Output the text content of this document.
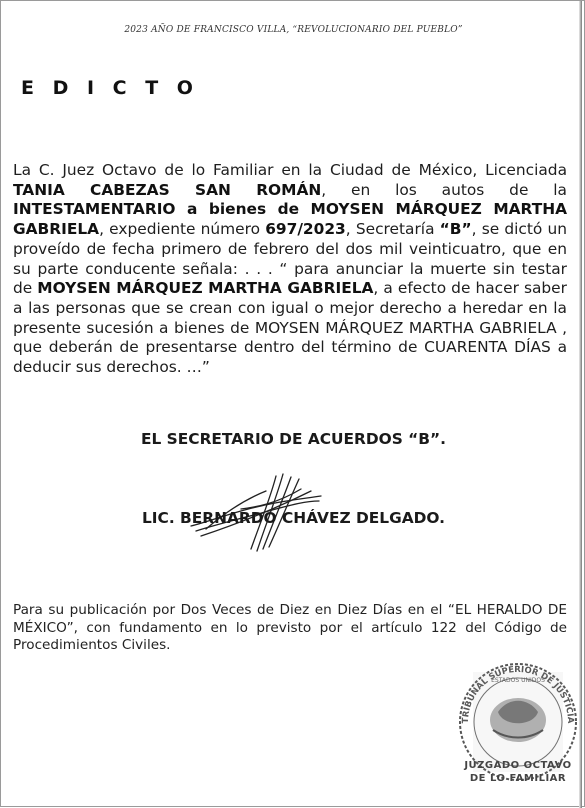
2023 AÑO DE FRANCISCO VILLA, “REVOLUCIONARIO DEL PUEBLO”
E D I C T O
La C. Juez Octavo de lo Familiar en la Ciudad de México, Licenciada TANIA CABEZAS SAN ROMÁN, en los autos de la INTESTAMENTARIO a bienes de MOYSEN MÁRQUEZ MARTHA GABRIELA, expediente número 697/2023, Secretaría “B”, se dictó un proveído de fecha primero de febrero del dos mil veinticuatro, que en su parte conducente señala: . . . “ para anunciar la muerte sin testar de MOYSEN MÁRQUEZ MARTHA GABRIELA, a efecto de hacer saber a las personas que se crean con igual o mejor derecho a heredar en la presente sucesión a bienes de MOYSEN MÁRQUEZ MARTHA GABRIELA , que deberán de presentarse dentro del término de CUARENTA DÍAS a deducir sus derechos. …”
EL SECRETARIO DE ACUERDOS “B”.
LIC. BERNARDO CHÁVEZ DELGADO.
Para su publicación por Dos Veces de Diez en Diez Días en el “EL HERALDO DE MÉXICO”, con fundamento en lo previsto por el artículo 122 del Código de Procedimientos Civiles.
TRIBUNAL SUPERIOR DE JUSTICIA
ESTADOS UNIDOS
JUZGADO OCTAVO
DE LO FAMILIAR
